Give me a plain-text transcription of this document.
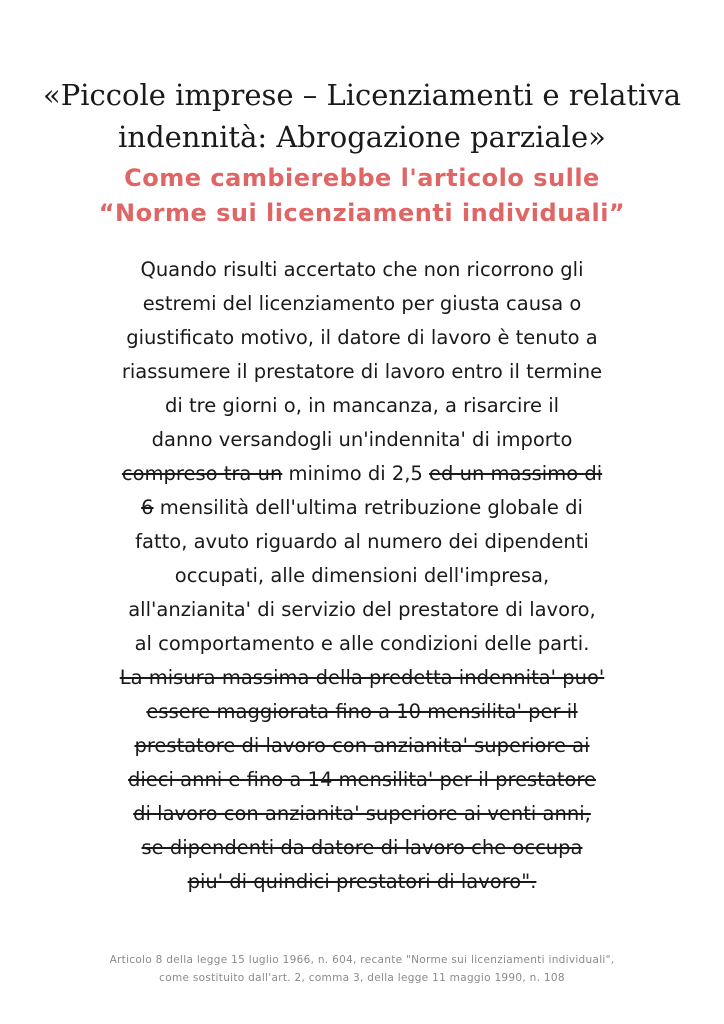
«Piccole imprese – Licenziamenti e relativa
indennità: Abrogazione parziale»
Come cambierebbe l'articolo sulle
“Norme sui licenziamenti individuali”
Quando risulti accertato che non ricorrono gli
estremi del licenziamento per giusta causa o
giustificato motivo, il datore di lavoro è tenuto a
riassumere il prestatore di lavoro entro il termine
di tre giorni o, in mancanza, a risarcire il
danno versandogli un'indennita' di importo
compreso tra un minimo di 2,5 ed un massimo di
6 mensilità dell'ultima retribuzione globale di
fatto, avuto riguardo al numero dei dipendenti
occupati, alle dimensioni dell'impresa,
all'anzianita' di servizio del prestatore di lavoro,
al comportamento e alle condizioni delle parti.
La misura massima della predetta indennita' puo'
essere maggiorata fino a 10 mensilita' per il
prestatore di lavoro con anzianita' superiore ai
dieci anni e fino a 14 mensilita' per il prestatore
di lavoro con anzianita' superiore ai venti anni,
se dipendenti da datore di lavoro che occupa
piu' di quindici prestatori di lavoro".
Articolo 8 della legge 15 luglio 1966, n. 604, recante "Norme sui licenziamenti individuali",
come sostituito dall'art. 2, comma 3, della legge 11 maggio 1990, n. 108
